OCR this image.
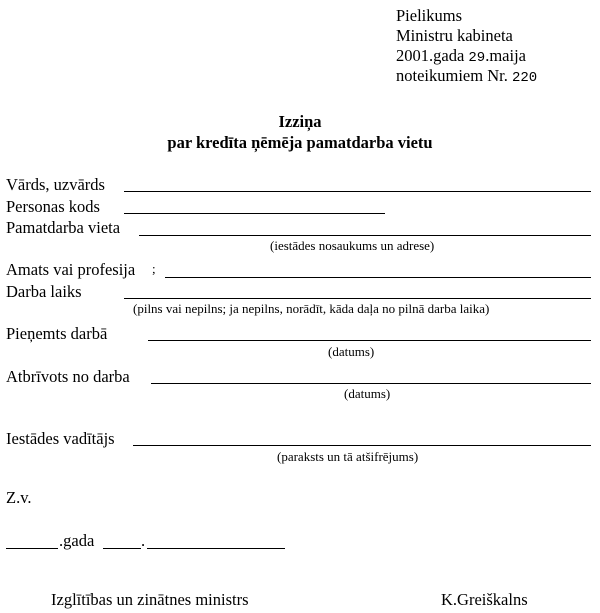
Pielikums
Ministru kabineta
2001.gada 29.maija
noteikumiem Nr. 220
Izziņa
par kredīta ņēmēja pamatdarba vietu
Vārds, uzvārds
Personas kods
Pamatdarba vieta
(iestādes nosaukums un adrese)
Amats vai profesija ;
Darba laiks
(pilns vai nepilns; ja nepilns, norādīt, kāda daļa no pilnā darba laika)
Pieņemts darbā
(datums)
Atbrīvots no darba
(datums)
Iestādes vadītājs
(paraksts un tā atšifrējums)
Z.v.
.gada	.
Izglītības un zinātnes ministrs	K.Greiškalns
